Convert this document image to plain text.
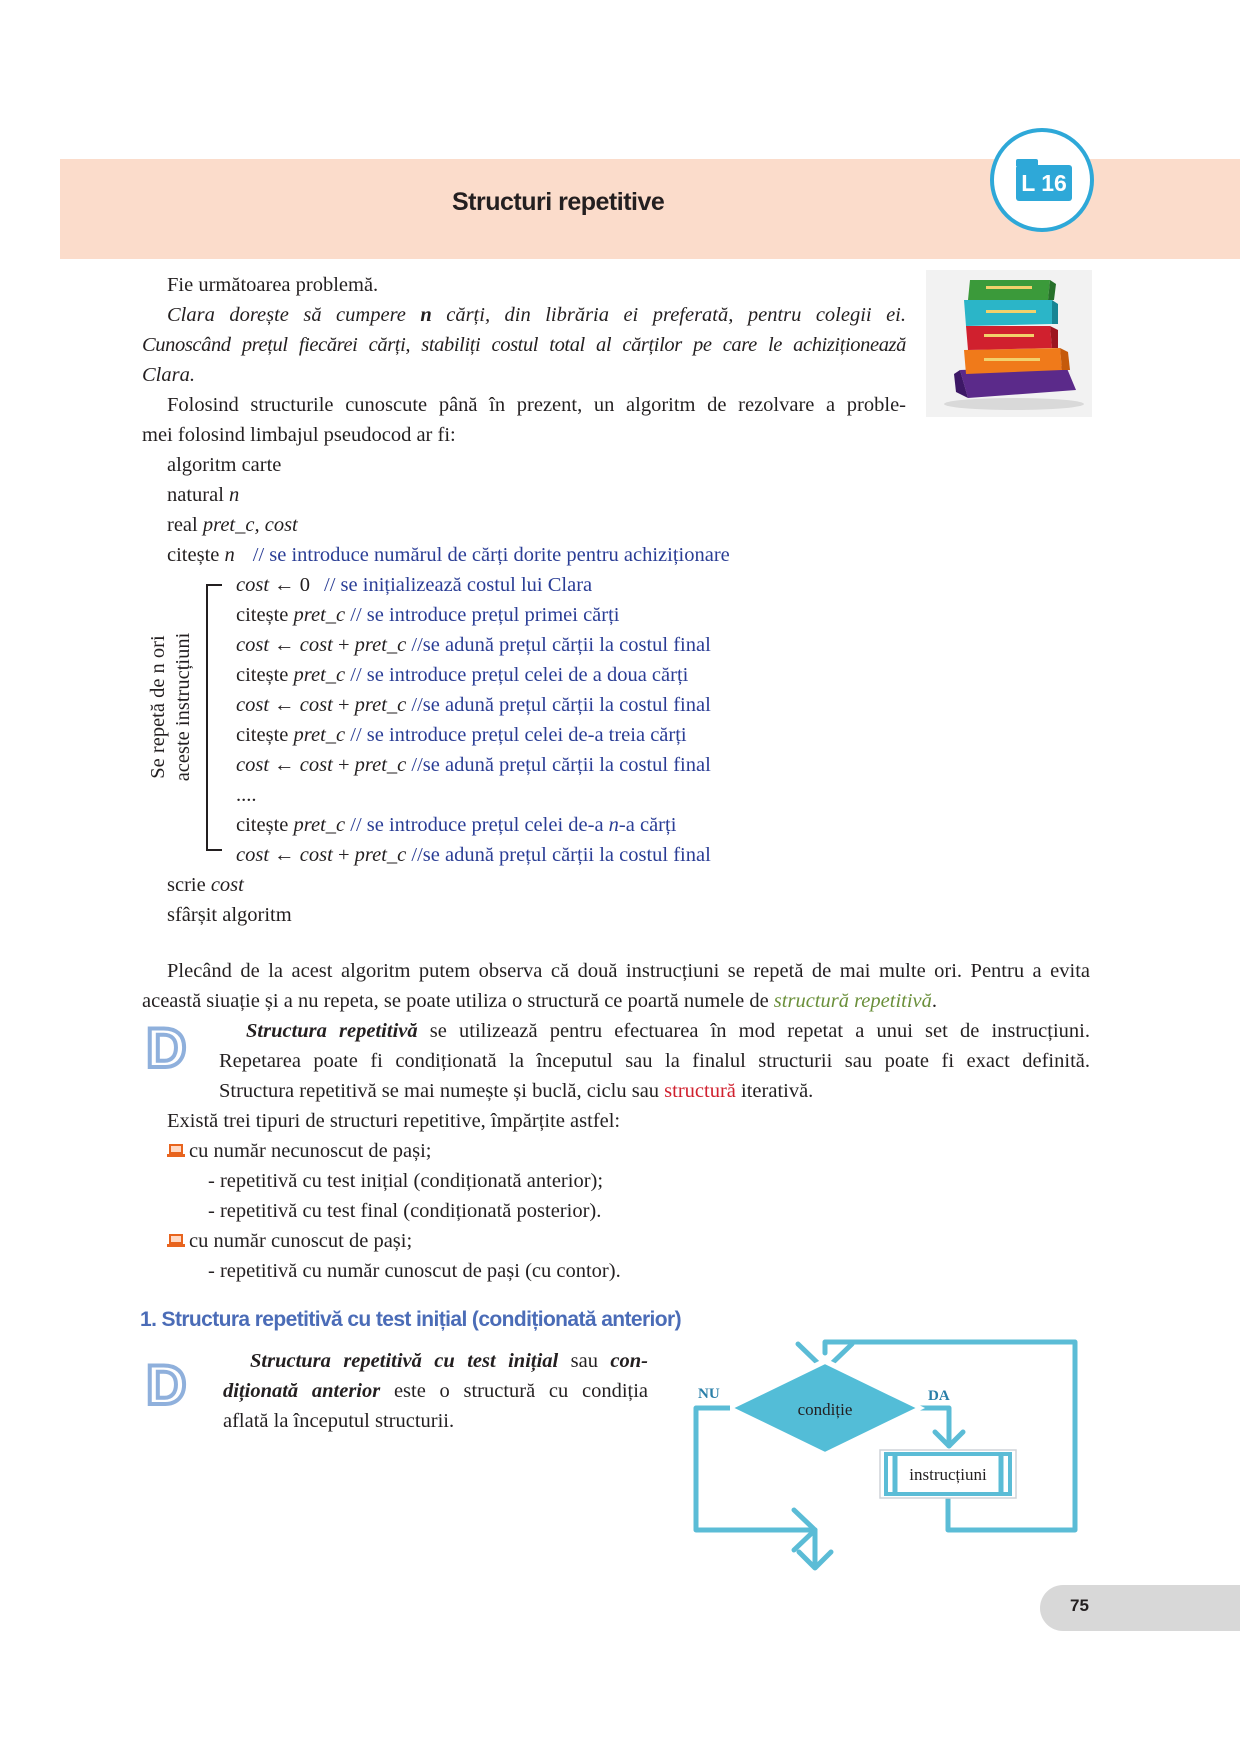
Structuri repetitive
L 16

Fie următoarea problemă.

Clara dorește să cumpere n cărți, din librăria ei preferată, pentru colegii ei.

Cunoscând prețul fiecărei cărți, stabiliți costul total al cărților pe care le achiziționează

Clara.

Folosind structurile cunoscute până în prezent, un algoritm de rezolvare a proble-

mei folosind limbajul pseudocod ar fi:

algoritm carte

natural n

real pret_c, cost

citește n // se introduce numărul de cărți dorite pentru achiziționare

Se repetă de n ori aceste instrucțiuni

cost ← 0 // se inițializează costul lui Clara

citește pret_c // se introduce prețul primei cărți

cost ← cost + pret_c //se adună prețul cărții la costul final

citește pret_c // se introduce prețul celei de a doua cărți

cost ← cost + pret_c //se adună prețul cărții la costul final

citește pret_c // se introduce prețul celei de-a treia cărți

cost ← cost + pret_c //se adună prețul cărții la costul final

....

citește pret_c // se introduce prețul celei de-a n-a cărți

cost ← cost + pret_c //se adună prețul cărții la costul final

scrie cost

sfârșit algoritm

Plecând de la acest algoritm putem observa că două instrucțiuni se repetă de mai multe ori. Pentru a evita

această siuație și a nu repeta, se poate utiliza o structură ce poartă numele de structură repetitivă.

D	Structura repetitivă se utilizează pentru efectuarea în mod repetat a unui set de instrucțiuni.

Repetarea poate fi condiționată la începutul sau la finalul structurii sau poate fi exact definită.

Structura repetitivă se mai numește și buclă, ciclu sau structură iterativă.

Există trei tipuri de structuri repetitive, împărțite astfel:

cu număr necunoscut de pași;

- repetitivă cu test inițial (condiționată anterior);

- repetitivă cu test final (condiționată posterior).

cu număr cunoscut de pași;

- repetitivă cu număr cunoscut de pași (cu contor).

1. Structura repetitivă cu test inițial (condiționată anterior)
D	Structura repetitivă cu test inițial sau con-

diționată anterior este o structură cu condiția

aflată la începutul structurii.

condiție
NU	DA
instrucțiuni
75
